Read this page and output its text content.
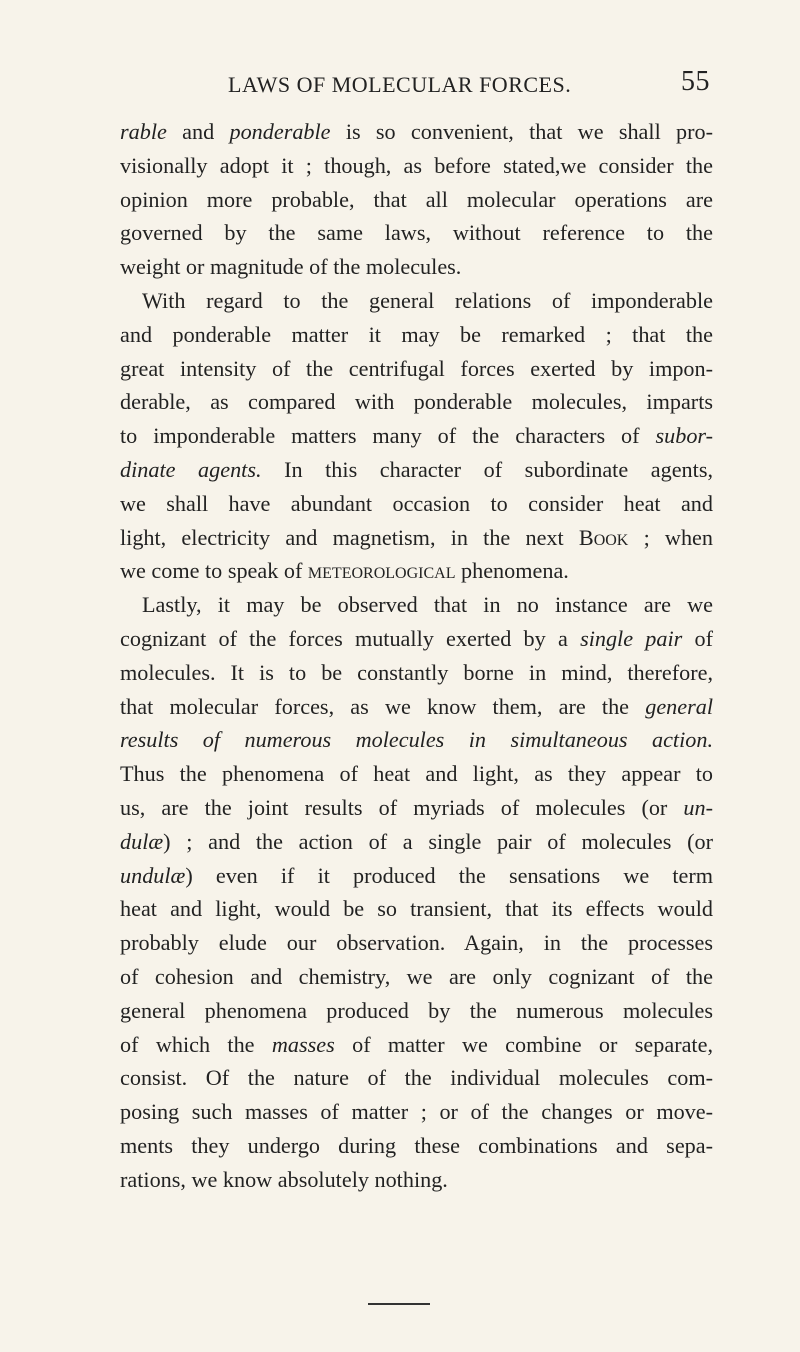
LAWS OF MOLECULAR FORCES.	55
rable and ponderable is so convenient, that we shall pro-
visionally adopt it ; though, as before stated,we consider the
opinion more probable, that all molecular operations are
governed by the same laws, without reference to the
weight or magnitude of the molecules.
With regard to the general relations of imponderable
and ponderable matter it may be remarked ; that the
great intensity of the centrifugal forces exerted by impon-
derable, as compared with ponderable molecules, imparts
to imponderable matters many of the characters of subor-
dinate agents. In this character of subordinate agents,
we shall have abundant occasion to consider heat and
light, electricity and magnetism, in the next Book ; when
we come to speak of meteorological phenomena.
Lastly, it may be observed that in no instance are we
cognizant of the forces mutually exerted by a single pair of
molecules. It is to be constantly borne in mind, therefore,
that molecular forces, as we know them, are the general
results of numerous molecules in simultaneous action.
Thus the phenomena of heat and light, as they appear to
us, are the joint results of myriads of molecules (or un-
dulæ) ; and the action of a single pair of molecules (or
undulæ) even if it produced the sensations we term
heat and light, would be so transient, that its effects would
probably elude our observation. Again, in the processes
of cohesion and chemistry, we are only cognizant of the
general phenomena produced by the numerous molecules
of which the masses of matter we combine or separate,
consist. Of the nature of the individual molecules com-
posing such masses of matter ; or of the changes or move-
ments they undergo during these combinations and sepa-
rations, we know absolutely nothing.
